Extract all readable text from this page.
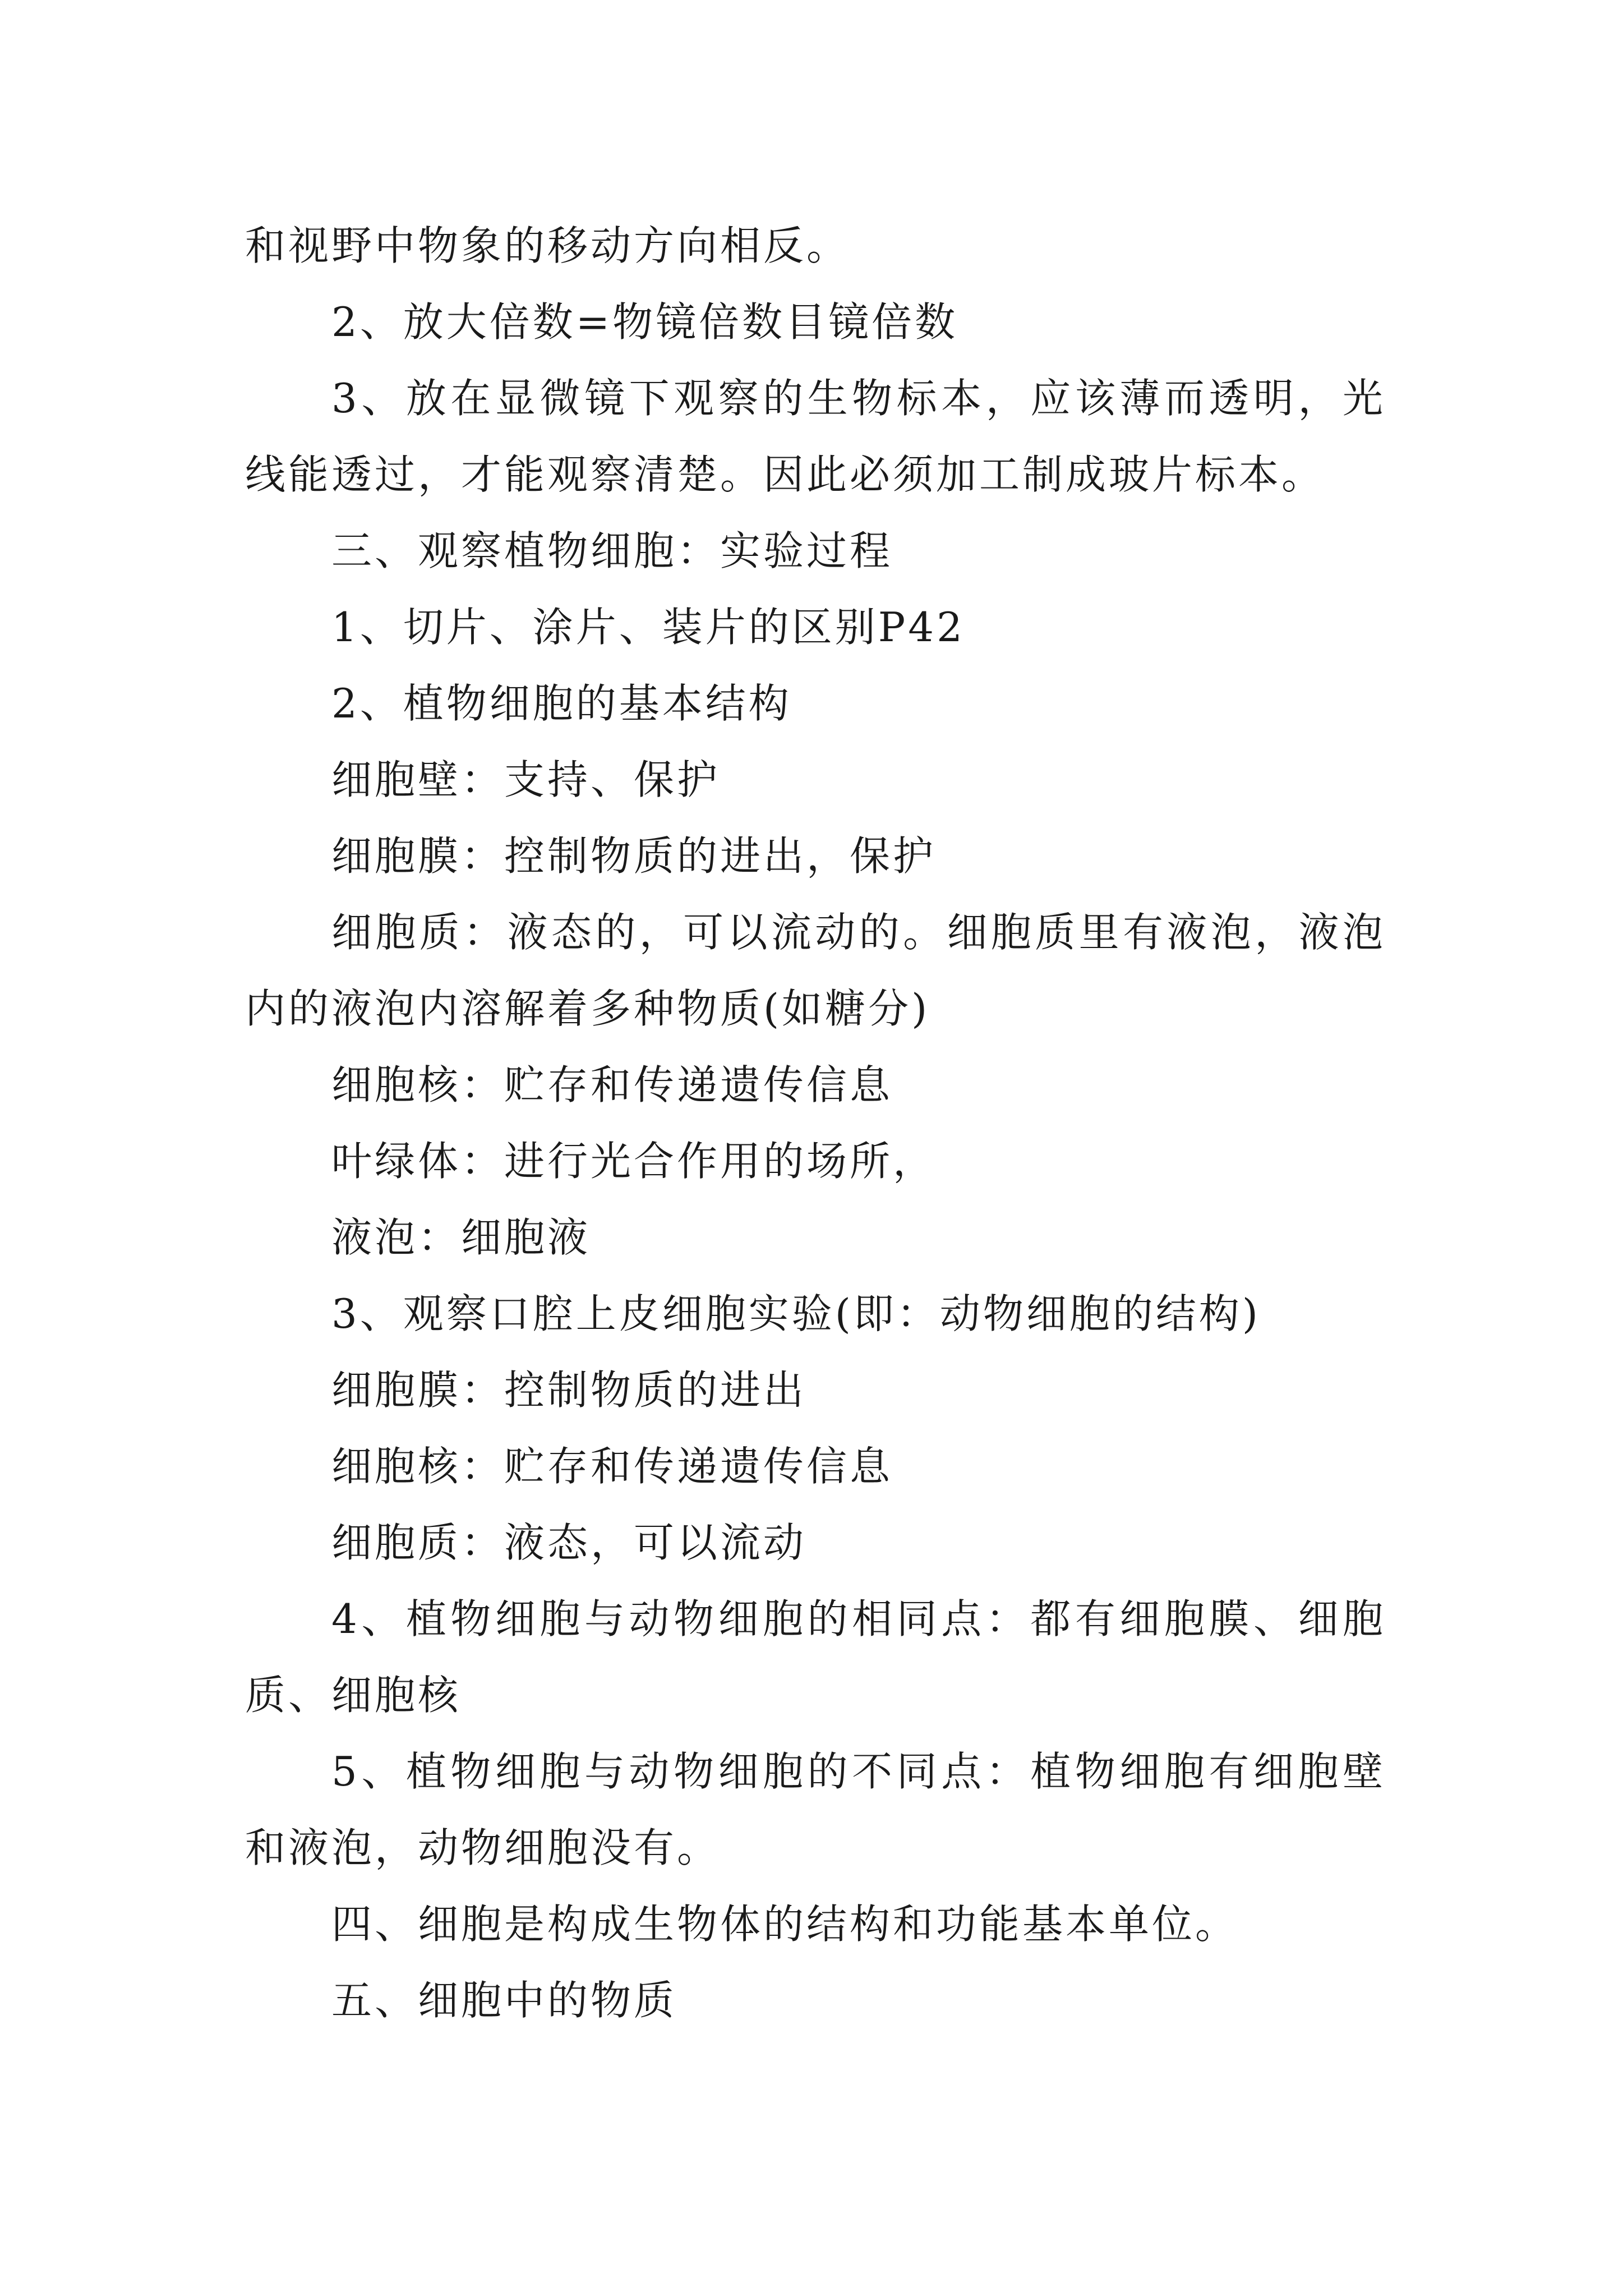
和视野中物象的移动方向相反。

2、放大倍数=物镜倍数目镜倍数

3、放在显微镜下观察的生物标本，应该薄而透明，光线能透过，才能观察清楚。因此必须加工制成玻片标本。

三、观察植物细胞：实验过程

1、切片、涂片、装片的区别P42

2、植物细胞的基本结构

细胞壁：支持、保护

细胞膜：控制物质的进出，保护

细胞质：液态的，可以流动的。细胞质里有液泡，液泡内的液泡内溶解着多种物质(如糖分)

细胞核：贮存和传递遗传信息

叶绿体：进行光合作用的场所，

液泡：细胞液

3、观察口腔上皮细胞实验(即：动物细胞的结构)

细胞膜：控制物质的进出

细胞核：贮存和传递遗传信息

细胞质：液态，可以流动

4、植物细胞与动物细胞的相同点：都有细胞膜、细胞质、细胞核

5、植物细胞与动物细胞的不同点：植物细胞有细胞壁和液泡，动物细胞没有。

四、细胞是构成生物体的结构和功能基本单位。

五、细胞中的物质
